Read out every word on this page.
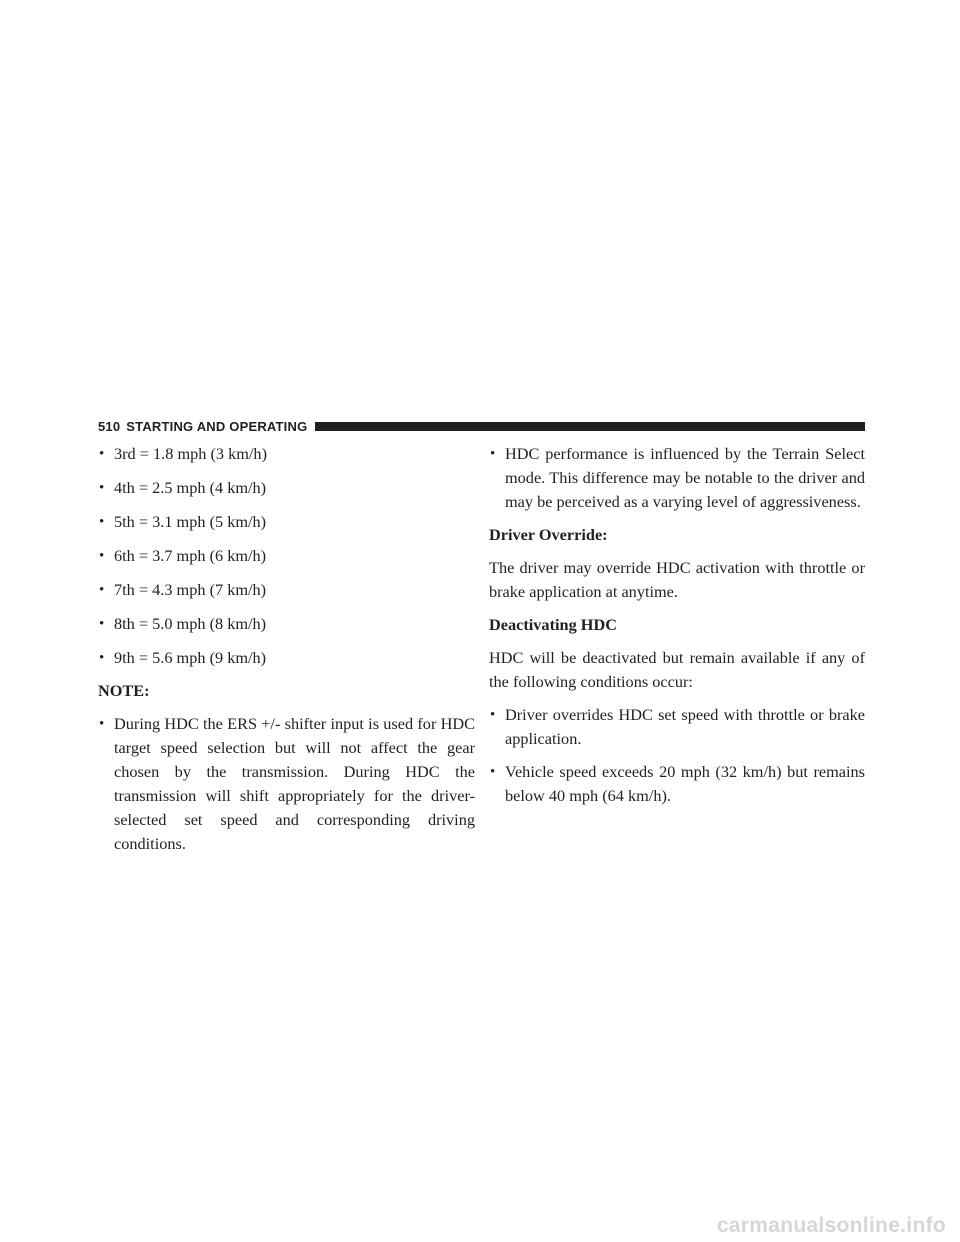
510 STARTING AND OPERATING
• 3rd = 1.8 mph (3 km/h)
• 4th = 2.5 mph (4 km/h)
• 5th = 3.1 mph (5 km/h)
• 6th = 3.7 mph (6 km/h)
• 7th = 4.3 mph (7 km/h)
• 8th = 5.0 mph (8 km/h)
• 9th = 5.6 mph (9 km/h)
NOTE:
• During HDC the ERS +/- shifter input is used for HDC target speed selection but will not affect the gear chosen by the transmission. During HDC the transmission will shift appropriately for the driver-selected set speed and corresponding driving conditions.
• HDC performance is influenced by the Terrain Select mode. This difference may be notable to the driver and may be perceived as a varying level of aggressiveness.
Driver Override:
The driver may override HDC activation with throttle or brake application at anytime.
Deactivating HDC
HDC will be deactivated but remain available if any of the following conditions occur:
• Driver overrides HDC set speed with throttle or brake application.
• Vehicle speed exceeds 20 mph (32 km/h) but remains below 40 mph (64 km/h).
carmanualsonline.info
